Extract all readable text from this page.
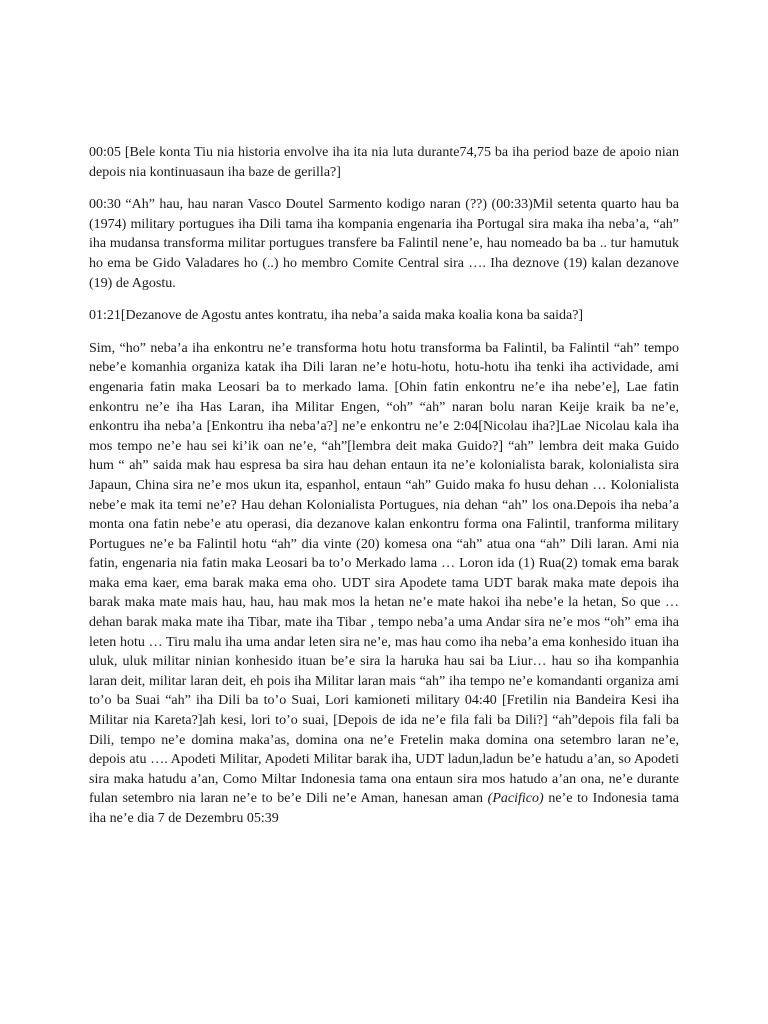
00:05 [Bele konta Tiu nia historia envolve iha ita nia luta durante74,75 ba iha period baze de apoio nian depois nia kontinuasaun iha baze de gerilla?]

00:30 “Ah” hau, hau naran Vasco Doutel Sarmento kodigo naran (??) (00:33)Mil setenta quarto hau ba (1974) military portugues iha Dili tama iha kompania engenaria iha Portugal sira maka iha neba’a, “ah” iha mudansa transforma militar portugues transfere ba Falintil nene’e, hau nomeado ba ba .. tur hamutuk ho ema be Gido Valadares ho (..) ho membro Comite Central sira …. Iha deznove (19) kalan dezanove (19) de Agostu.

01:21[Dezanove de Agostu antes kontratu, iha neba’a saida maka koalia kona ba saida?]

Sim, “ho” neba’a iha enkontru ne’e transforma hotu hotu transforma ba Falintil, ba Falintil “ah” tempo nebe’e komanhia organiza katak iha Dili laran ne’e hotu-hotu, hotu-hotu iha tenki iha actividade, ami engenaria fatin maka Leosari ba to merkado lama. [Ohin fatin enkontru ne’e iha nebe’e], Lae fatin enkontru ne’e iha Has Laran, iha Militar Engen, “oh” “ah” naran bolu naran Keije kraik ba ne’e, enkontru iha neba’a [Enkontru iha neba’a?] ne’e enkontru ne’e 2:04[Nicolau iha?]Lae Nicolau kala iha mos tempo ne’e hau sei ki’ik oan ne’e, “ah”[lembra deit maka Guido?] “ah” lembra deit maka Guido hum “ ah” saida mak hau espresa ba sira hau dehan entaun ita ne’e kolonialista barak, kolonialista sira Japaun, China sira ne’e mos ukun ita, espanhol, entaun “ah” Guido maka fo husu dehan … Kolonialista nebe’e mak ita temi ne’e? Hau dehan Kolonialista Portugues, nia dehan “ah” los ona.Depois iha neba’a monta ona fatin nebe’e atu operasi, dia dezanove kalan enkontru forma ona Falintil, tranforma military Portugues ne’e ba Falintil hotu “ah” dia vinte (20) komesa ona “ah” atua ona “ah” Dili laran. Ami nia fatin, engenaria nia fatin maka Leosari ba to’o Merkado lama … Loron ida (1) Rua(2) tomak ema barak maka ema kaer, ema barak maka ema oho. UDT sira Apodete tama UDT barak maka mate depois iha barak maka mate mais hau, hau, hau mak mos la hetan ne’e mate hakoi iha nebe’e la hetan, So que … dehan barak maka mate iha Tibar, mate iha Tibar , tempo neba’a uma Andar sira ne’e mos “oh” ema iha leten hotu … Tiru malu iha uma andar leten sira ne’e, mas hau como iha neba’a ema konhesido ituan iha uluk, uluk militar ninian konhesido ituan be’e sira la haruka hau sai ba Liur… hau so iha kompanhia laran deit, militar laran deit, eh pois iha Militar laran mais “ah” iha tempo ne’e komandanti organiza ami to’o ba Suai “ah” iha Dili ba to’o Suai, Lori kamioneti military 04:40 [Fretilin nia Bandeira Kesi iha Militar nia Kareta?]ah kesi, lori to’o suai, [Depois de ida ne’e fila fali ba Dili?] “ah”depois fila fali ba Dili, tempo ne’e domina maka’as, domina ona ne’e Fretelin maka domina ona setembro laran ne’e, depois atu …. Apodeti Militar, Apodeti Militar barak iha, UDT ladun,ladun be’e hatudu a’an, so Apodeti sira maka hatudu a’an, Como Miltar Indonesia tama ona entaun sira mos hatudo a’an ona, ne’e durante fulan setembro nia laran ne’e to be’e Dili ne’e Aman, hanesan aman (Pacifico) ne’e to Indonesia tama iha ne’e dia 7 de Dezembru 05:39
